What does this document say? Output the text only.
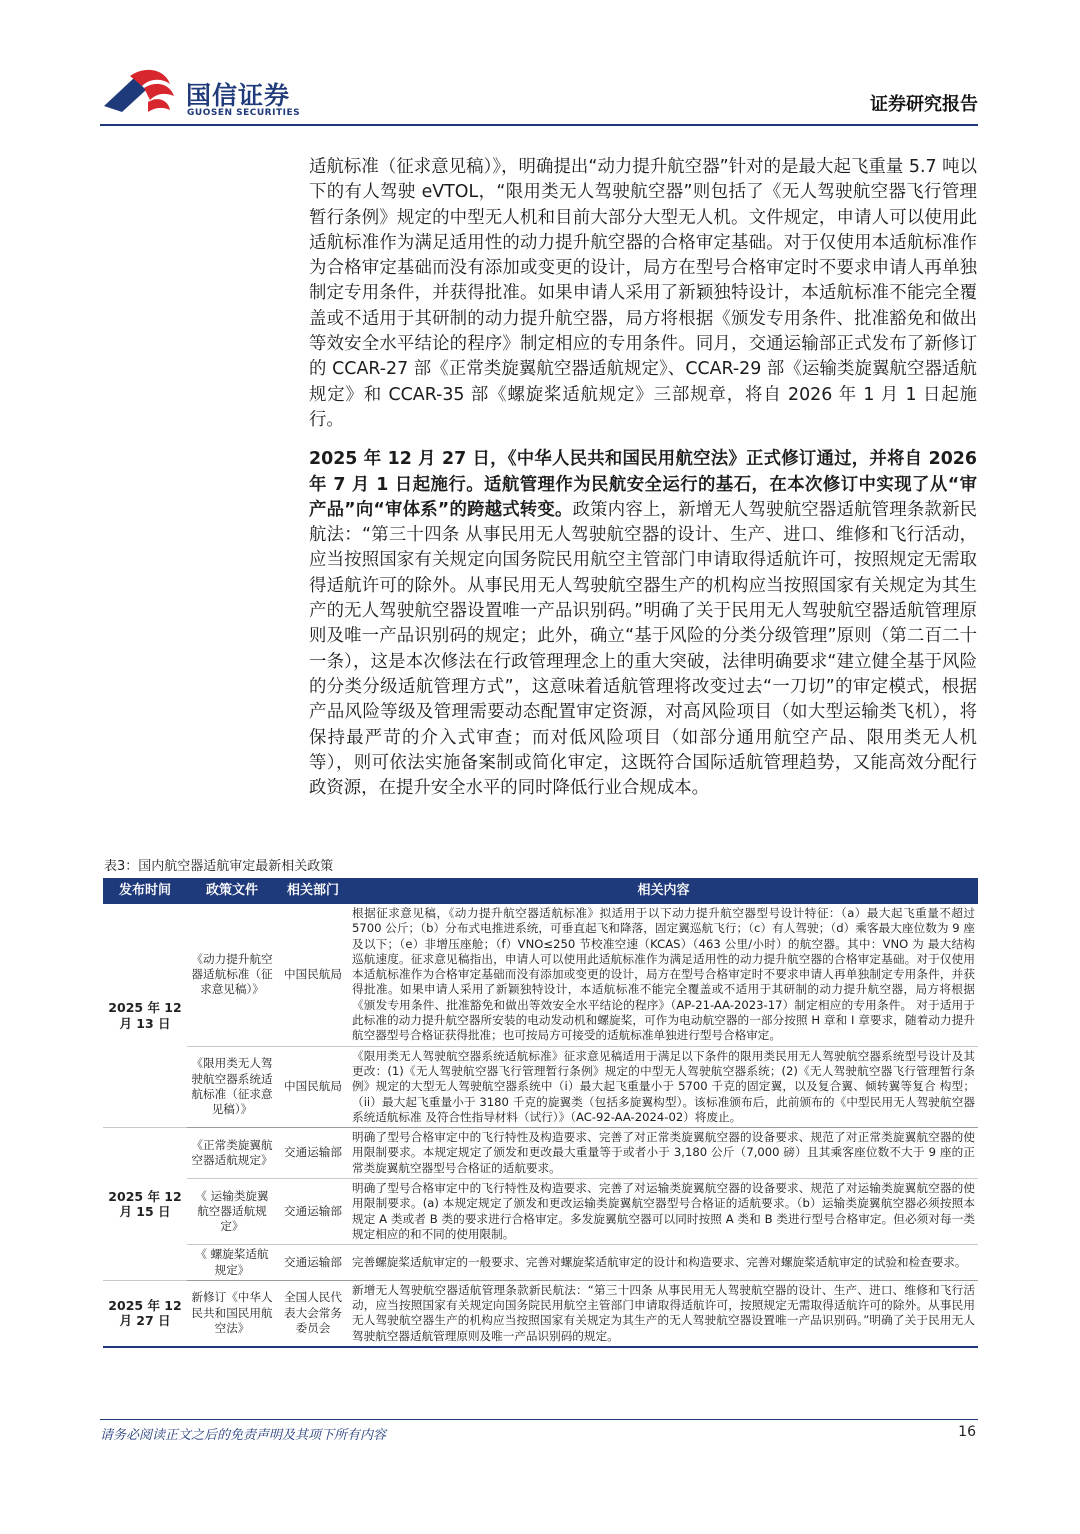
国信证券
GUOSEN SECURITIES	证券研究报告

适航标准（征求意见稿）》，明确提出“动力提升航空器”针对的是最大起飞重量 5.7 吨以下的有人驾驶 eVTOL，“限用类无人驾驶航空器”则包括了《无人驾驶航空器飞行管理暂行条例》规定的中型无人机和目前大部分大型无人机。文件规定，申请人可以使用此适航标准作为满足适用性的动力提升航空器的合格审定基础。对于仅使用本适航标准作为合格审定基础而没有添加或变更的设计，局方在型号合格审定时不要求申请人再单独制定专用条件，并获得批准。如果申请人采用了新颖独特设计，本适航标准不能完全覆盖或不适用于其研制的动力提升航空器，局方将根据《颁发专用条件、批准豁免和做出等效安全水平结论的程序》制定相应的专用条件。同月，交通运输部正式发布了新修订的 CCAR-27 部《正常类旋翼航空器适航规定》、CCAR-29 部《运输类旋翼航空器适航规定》和 CCAR-35 部《螺旋桨适航规定》三部规章，将自 2026 年 1 月 1 日起施行。

2025 年 12 月 27 日，《中华人民共和国民用航空法》正式修订通过，并将自 2026 年 7 月 1 日起施行。适航管理作为民航安全运行的基石，在本次修订中实现了从“审产品”向“审体系”的跨越式转变。政策内容上，新增无人驾驶航空器适航管理条款新民航法：“第三十四条 从事民用无人驾驶航空器的设计、生产、进口、维修和飞行活动，应当按照国家有关规定向国务院民用航空主管部门申请取得适航许可，按照规定无需取得适航许可的除外。从事民用无人驾驶航空器生产的机构应当按照国家有关规定为其生产的无人驾驶航空器设置唯一产品识别码。”明确了关于民用无人驾驶航空器适航管理原则及唯一产品识别码的规定；此外，确立“基于风险的分类分级管理”原则（第二百二十一条），这是本次修法在行政管理理念上的重大突破，法律明确要求“建立健全基于风险的分类分级适航管理方式”，这意味着适航管理将改变过去“一刀切”的审定模式，根据产品风险等级及管理需要动态配置审定资源，对高风险项目（如大型运输类飞机），将保持最严苛的介入式审查；而对低风险项目（如部分通用航空产品、限用类无人机等），则可依法实施备案制或简化审定，这既符合国际适航管理趋势，又能高效分配行政资源，在提升安全水平的同时降低行业合规成本。

表3：国内航空器适航审定最新相关政策
发布时间	政策文件	相关部门	相关内容
2025 年 12 月 13 日	《动力提升航空器适航标准（征求意见稿）》	中国民航局	根据征求意见稿，《动力提升航空器适航标准》拟适用于以下动力提升航空器型号设计特征：（a）最大起飞重量不超过 5700 公斤；（b）分布式电推进系统，可垂直起飞和降落，固定翼巡航飞行；（c）有人驾驶；（d）乘客最大座位数为 9 座及以下；（e）非增压座舱；（f）VNO≤250 节校准空速（KCAS）（463 公里/小时）的航空器。其中：VNO 为 最大结构巡航速度。征求意见稿指出，申请人可以使用此适航标准作为满足适用性的动力提升航空器的合格审定基础。对于仅使用本适航标准作为合格审定基础而没有添加或变更的设计，局方在型号合格审定时不要求申请人再单独制定专用条件，并获得批准。如果申请人采用了新颖独特设计，本适航标准不能完全覆盖或不适用于其研制的动力提升航空器，局方将根据《颁发专用条件、批准豁免和做出等效安全水平结论的程序》（AP-21-AA-2023-17）制定相应的专用条件。 对于适用于此标准的动力提升航空器所安装的电动发动机和螺旋桨，可作为电动航空器的一部分按照 H 章和 I 章要求，随着动力提升航空器型号合格证获得批准；也可按局方可接受的适航标准单独进行型号合格审定。
	《限用类无人驾驶航空器系统适航标准（征求意见稿）》	中国民航局	《限用类无人驾驶航空器系统适航标准》征求意见稿适用于满足以下条件的限用类民用无人驾驶航空器系统型号设计及其更改：(1)《无人驾驶航空器飞行管理暂行条例》规定的中型无人驾驶航空器系统；(2)《无人驾驶航空器飞行管理暂行条例》规定的大型无人驾驶航空器系统中（i）最大起飞重量小于 5700 千克的固定翼，以及复合翼、倾转翼等复合 构型；（ii）最大起飞重量小于 3180 千克的旋翼类（包括多旋翼构型）。该标准颁布后，此前颁布的《中型民用无人驾驶航空器系统适航标准 及符合性指导材料（试行）》（AC-92-AA-2024-02）将废止。
2025 年 12 月 15 日	《正常类旋翼航空器适航规定》	交通运输部	明确了型号合格审定中的飞行特性及构造要求、完善了对正常类旋翼航空器的设备要求、规范了对正常类旋翼航空器的使用限制要求。本规定规定了颁发和更改最大重量等于或者小于 3,180 公斤（7,000 磅）且其乘客座位数不大于 9 座的正常类旋翼航空器型号合格证的适航要求。
	《 运输类旋翼航空器适航规定》	交通运输部	明确了型号合格审定中的飞行特性及构造要求、完善了对运输类旋翼航空器的设备要求、规范了对运输类旋翼航空器的使用限制要求。(a) 本规定规定了颁发和更改运输类旋翼航空器型号合格证的适航要求。（b）运输类旋翼航空器必须按照本规定 A 类或者 B 类的要求进行合格审定。多发旋翼航空器可以同时按照 A 类和 B 类进行型号合格审定。但必须对每一类规定相应的和不同的使用限制。
	《 螺旋桨适航规定》	交通运输部	完善螺旋桨适航审定的一般要求、完善对螺旋桨适航审定的设计和构造要求、完善对螺旋桨适航审定的试验和检查要求。
2025 年 12 月 27 日	新修订《中华人民共和国民用航空法》	全国人民代表大会常务委员会	新增无人驾驶航空器适航管理条款新民航法：“第三十四条 从事民用无人驾驶航空器的设计、生产、进口、维修和飞行活动，应当按照国家有关规定向国务院民用航空主管部门申请取得适航许可，按照规定无需取得适航许可的除外。从事民用无人驾驶航空器生产的机构应当按照国家有关规定为其生产的无人驾驶航空器设置唯一产品识别码。”明确了关于民用无人驾驶航空器适航管理原则及唯一产品识别码的规定。
请务必阅读正文之后的免责声明及其项下所有内容	16
